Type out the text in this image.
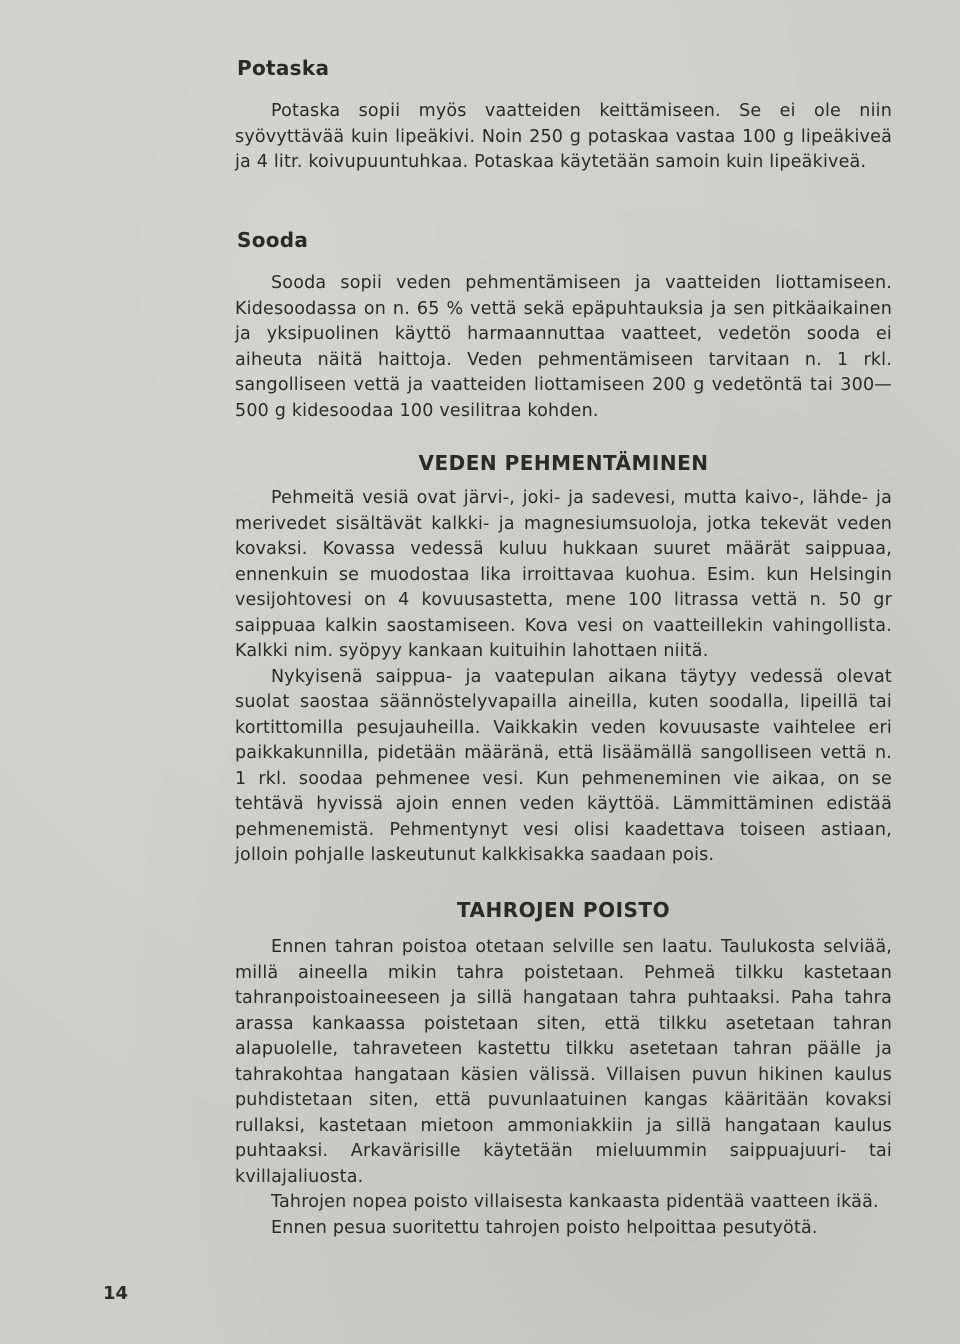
Potaska

Potaska sopii myös vaatteiden keittämiseen. Se ei ole niin syövyttävää kuin lipeäkivi. Noin 250 g potaskaa vastaa 100 g lipeäkiveä ja 4 litr. koivupuuntuhkaa. Potaskaa käytetään samoin kuin lipeäkiveä.

Sooda

Sooda sopii veden pehmentämiseen ja vaatteiden liottamiseen. Kidesoodassa on n. 65 % vettä sekä epäpuhtauksia ja sen pitkäaikainen ja yksipuolinen käyttö harmaannuttaa vaatteet, vedetön sooda ei aiheuta näitä haittoja. Veden pehmentämiseen tarvitaan n. 1 rkl. sangolliseen vettä ja vaatteiden liottamiseen 200 g vedetöntä tai 300—500 g kidesoodaa 100 vesilitraa kohden.

VEDEN PEHMENTÄMINEN

Pehmeitä vesiä ovat järvi-, joki- ja sadevesi, mutta kaivo-, lähde- ja merivedet sisältävät kalkki- ja magnesiumsuoloja, jotka tekevät veden kovaksi. Kovassa vedessä kuluu hukkaan suuret määrät saippuaa, ennenkuin se muodostaa lika irroittavaa kuohua. Esim. kun Helsingin vesijohtovesi on 4 kovuusastetta, mene 100 litrassa vettä n. 50 gr saippuaa kalkin saostamiseen. Kova vesi on vaatteillekin vahingollista. Kalkki nim. syöpyy kankaan kuituihin lahottaen niitä.

Nykyisenä saippua- ja vaatepulan aikana täytyy vedessä olevat suolat saostaa säännöstelyvapailla aineilla, kuten soodalla, lipeillä tai kortittomilla pesujauheilla. Vaikkakin veden kovuusaste vaihtelee eri paikkakunnilla, pidetään määränä, että lisäämällä sangolliseen vettä n. 1 rkl. soodaa pehmenee vesi. Kun pehmeneminen vie aikaa, on se tehtävä hyvissä ajoin ennen veden käyttöä. Lämmittäminen edistää pehmenemistä. Pehmentynyt vesi olisi kaadettava toiseen astiaan, jolloin pohjalle laskeutunut kalkkisakka saadaan pois.

TAHROJEN POISTO

Ennen tahran poistoa otetaan selville sen laatu. Taulukosta selviää, millä aineella mikin tahra poistetaan. Pehmeä tilkku kastetaan tahranpoistoaineeseen ja sillä hangataan tahra puhtaaksi. Paha tahra arassa kankaassa poistetaan siten, että tilkku asetetaan tahran alapuolelle, tahraveteen kastettu tilkku asetetaan tahran päälle ja tahrakohtaa hangataan käsien välissä. Villaisen puvun hikinen kaulus puhdistetaan siten, että puvunlaatuinen kangas kääritään kovaksi rullaksi, kastetaan mietoon ammoniakkiin ja sillä hangataan kaulus puhtaaksi. Arkavärisille käytetään mieluummin saippuajuuri- tai kvillajaliuosta.

Tahrojen nopea poisto villaisesta kankaasta pidentää vaatteen ikää.

Ennen pesua suoritettu tahrojen poisto helpoittaa pesutyötä.

14
